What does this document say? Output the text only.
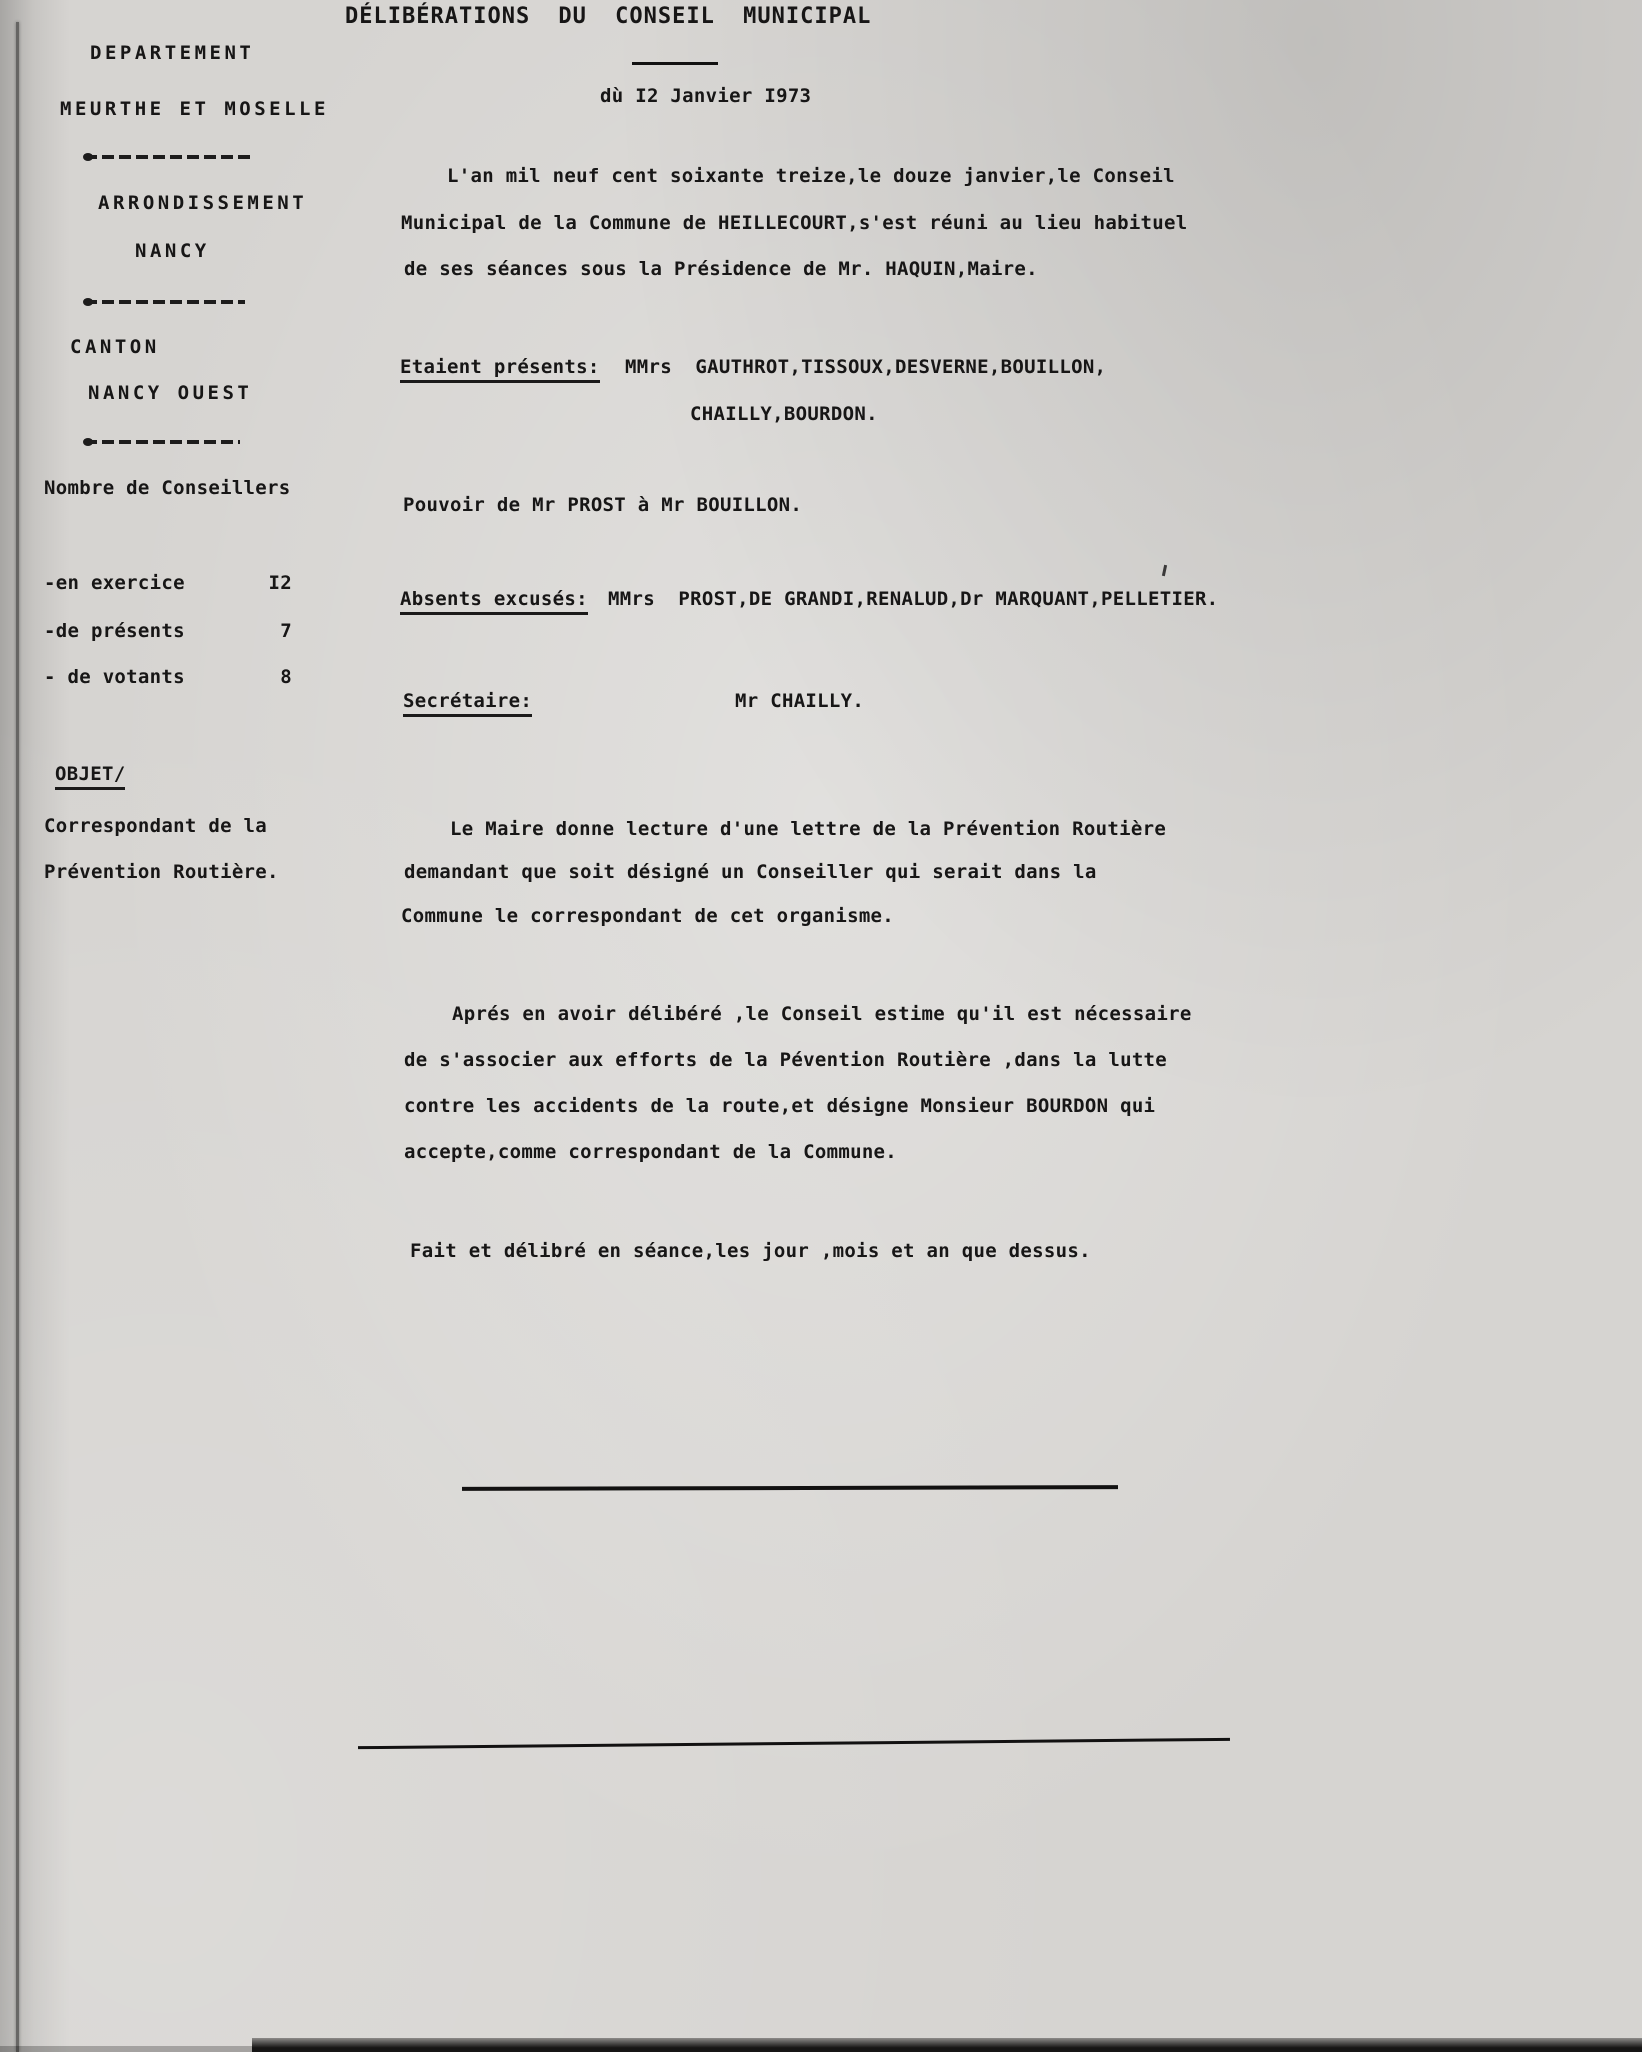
DÉLIBÉRATIONS DU CONSEIL MUNICIPAL
dù I2 Janvier I973
DEPARTEMENT
MEURTHE ET MOSELLE
ARRONDISSEMENT
NANCY
CANTON
NANCY OUEST
Nombre de Conseillers
-en exercice	I2
-de présents	7
- de votants	8
OBJET/
Correspondant de la
Prévention Routière.
L'an mil neuf cent soixante treize,le douze janvier,le Conseil
Municipal de la Commune de HEILLECOURT,s'est réuni au lieu habituel
de ses séances sous la Présidence de Mr. HAQUIN,Maire.
Etaient présents: MMrs  GAUTHROT,TISSOUX,DESVERNE,BOUILLON,
CHAILLY,BOURDON.
Pouvoir de Mr PROST à Mr BOUILLON.
Absents excusés: MMrs  PROST,DE GRANDI,RENALUD,Dr MARQUANT,PELLETIER.
Secrétaire:	Mr CHAILLY.
Le Maire donne lecture d'une lettre de la Prévention Routière
demandant que soit désigné un Conseiller qui serait dans la
Commune le correspondant de cet organisme.
Aprés en avoir délibéré ,le Conseil estime qu'il est nécessaire
de s'associer aux efforts de la Pévention Routière ,dans la lutte
contre les accidents de la route,et désigne Monsieur BOURDON qui
accepte,comme correspondant de la Commune.
Fait et délibré en séance,les jour ,mois et an que dessus.
